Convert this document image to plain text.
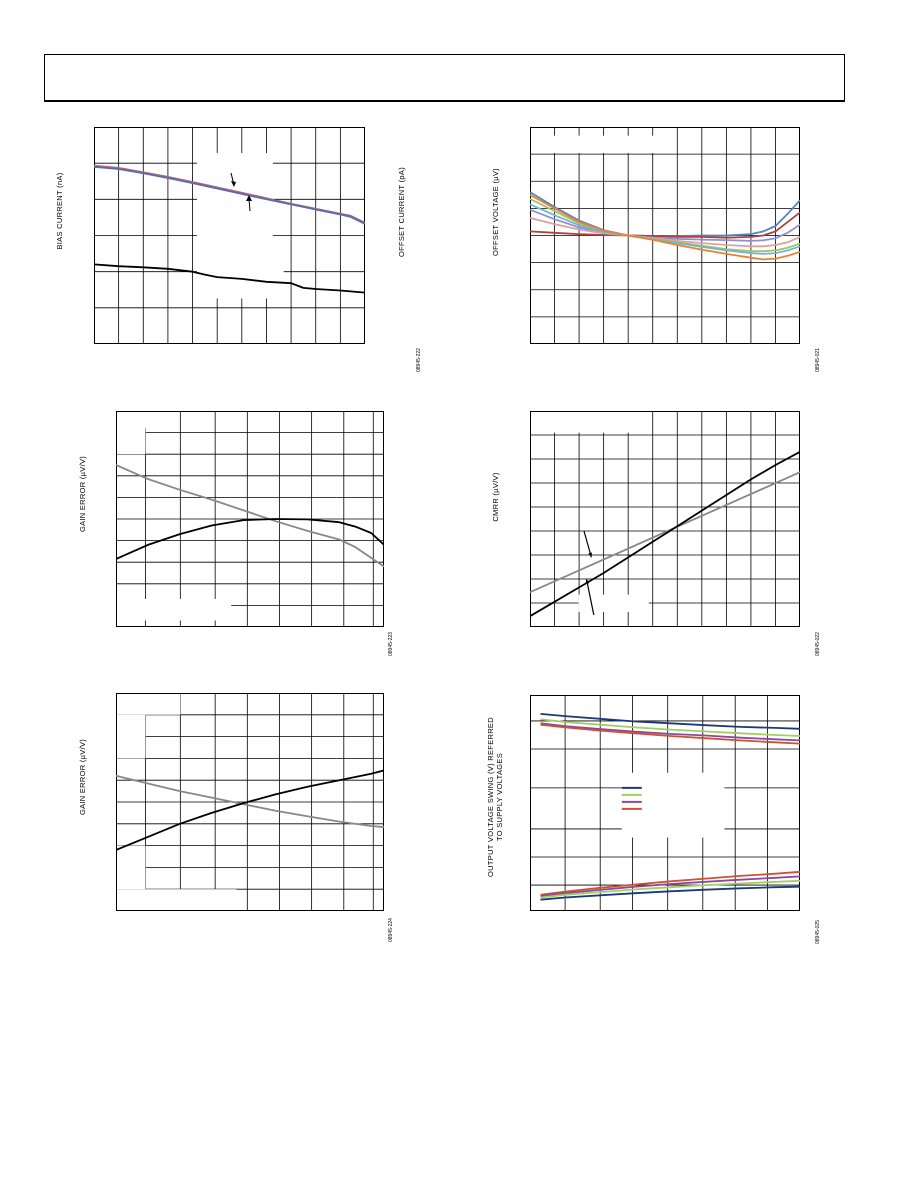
BIAS CURRENT (nA)	OFFSET CURRENT (pA)
08945-222
OFFSET VOLTAGE (µV)
08945-021
GAIN ERROR (µV/V)
08945-223
CMRR (µV/V)
08945-022
GAIN ERROR (µV/V)
08945-224
OUTPUT VOLTAGE SWING (V) REFERRED TO SUPPLY VOLTAGES
08945-025
